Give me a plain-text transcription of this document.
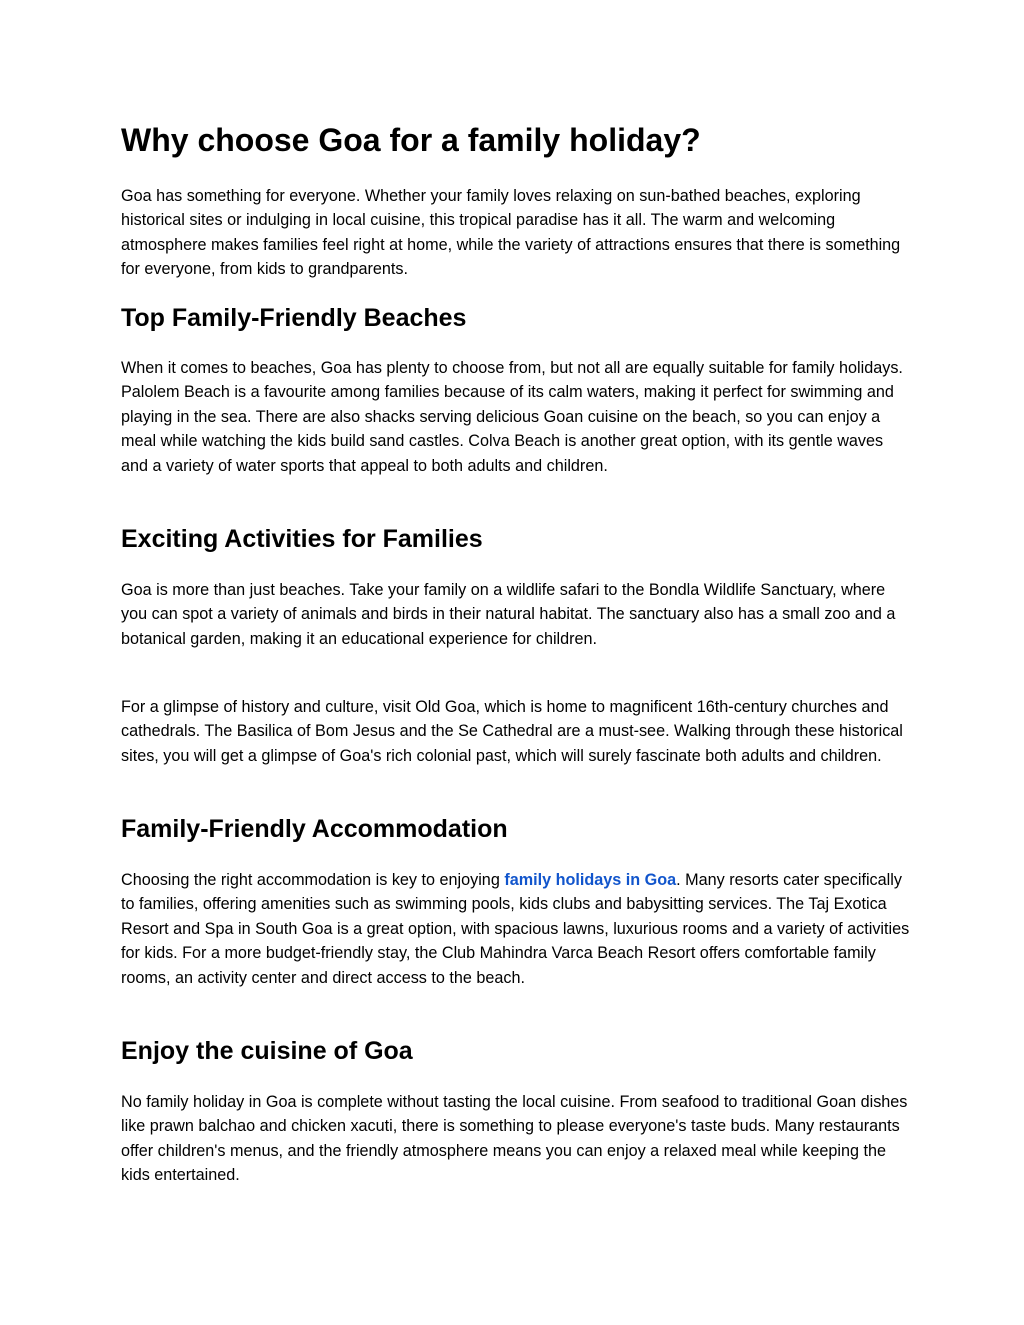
Why choose Goa for a family holiday?

Goa has something for everyone. Whether your family loves relaxing on sun-bathed beaches, exploring historical sites or indulging in local cuisine, this tropical paradise has it all. The warm and welcoming atmosphere makes families feel right at home, while the variety of attractions ensures that there is something for everyone, from kids to grandparents.

Top Family-Friendly Beaches

When it comes to beaches, Goa has plenty to choose from, but not all are equally suitable for family holidays. Palolem Beach is a favourite among families because of its calm waters, making it perfect for swimming and playing in the sea. There are also shacks serving delicious Goan cuisine on the beach, so you can enjoy a meal while watching the kids build sand castles. Colva Beach is another great option, with its gentle waves and a variety of water sports that appeal to both adults and children.

Exciting Activities for Families

Goa is more than just beaches. Take your family on a wildlife safari to the Bondla Wildlife Sanctuary, where you can spot a variety of animals and birds in their natural habitat. The sanctuary also has a small zoo and a botanical garden, making it an educational experience for children.

For a glimpse of history and culture, visit Old Goa, which is home to magnificent 16th-century churches and cathedrals. The Basilica of Bom Jesus and the Se Cathedral are a must-see. Walking through these historical sites, you will get a glimpse of Goa's rich colonial past, which will surely fascinate both adults and children.

Family-Friendly Accommodation

Choosing the right accommodation is key to enjoying family holidays in Goa. Many resorts cater specifically to families, offering amenities such as swimming pools, kids clubs and babysitting services. The Taj Exotica Resort and Spa in South Goa is a great option, with spacious lawns, luxurious rooms and a variety of activities for kids. For a more budget-friendly stay, the Club Mahindra Varca Beach Resort offers comfortable family rooms, an activity center and direct access to the beach.

Enjoy the cuisine of Goa

No family holiday in Goa is complete without tasting the local cuisine. From seafood to traditional Goan dishes like prawn balchao and chicken xacuti, there is something to please everyone's taste buds. Many restaurants offer children's menus, and the friendly atmosphere means you can enjoy a relaxed meal while keeping the kids entertained.
